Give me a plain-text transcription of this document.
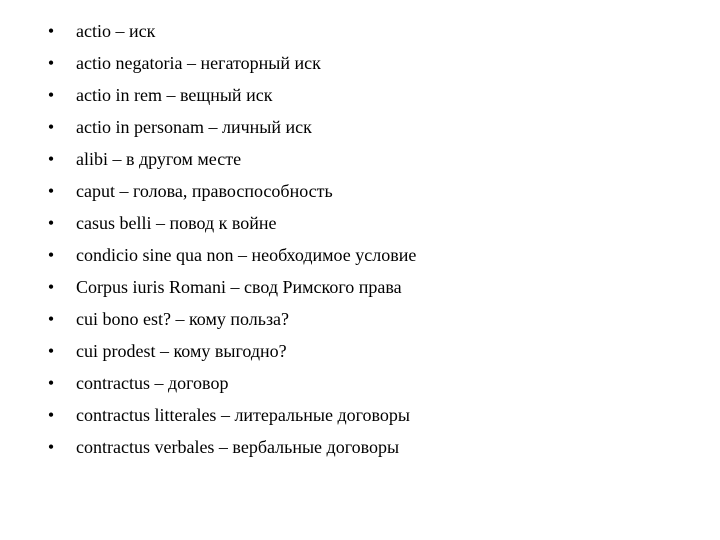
• actio – иск
• actio negatoria – негаторный иск
• actio in rem – вещный иск
• actio in personam – личный иск
• alibi – в другом месте
• caput – голова, правоспособность
• casus belli – повод к войне
• condicio sine qua non – необходимое условие
• Corpus iuris Romani – свод Римского права
• cui bono est? – кому польза?
• cui prodest – кому выгодно?
• contractus – договор
• contractus litterales – литеральные договоры
• contractus verbales – вербальные договоры
